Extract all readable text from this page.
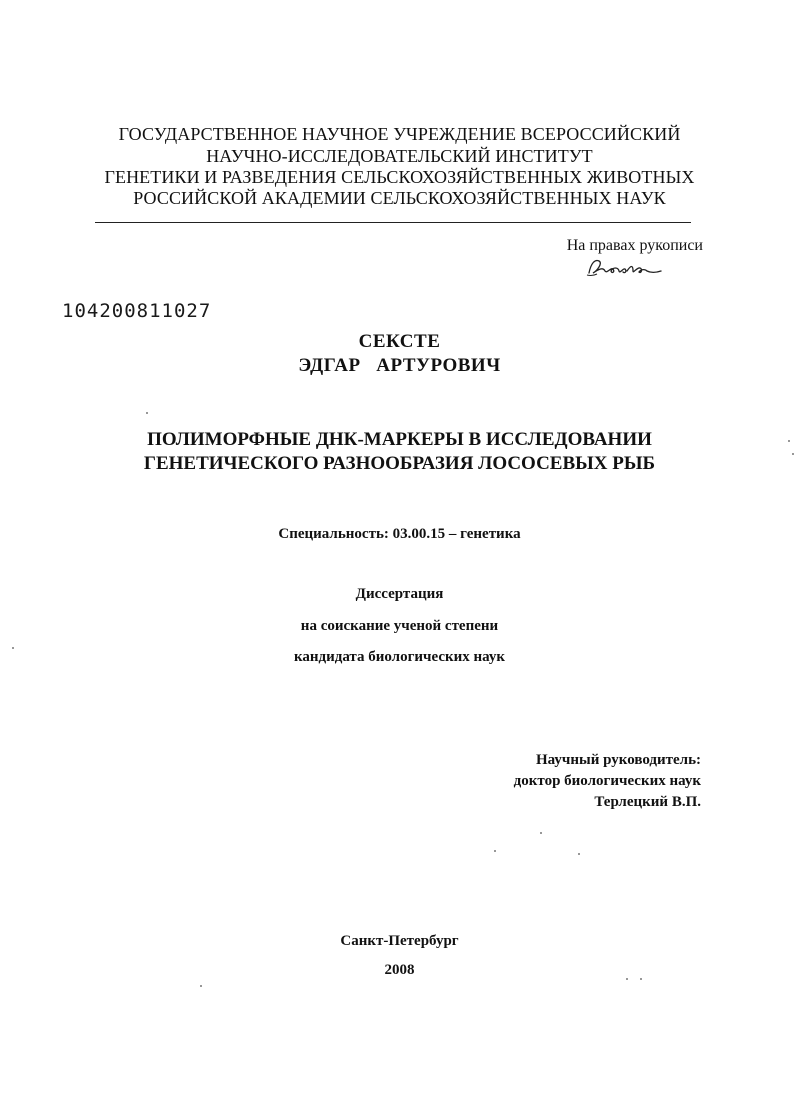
ГОСУДАРСТВЕННОЕ НАУЧНОЕ УЧРЕЖДЕНИЕ ВСЕРОССИЙСКИЙ
НАУЧНО-ИССЛЕДОВАТЕЛЬСКИЙ ИНСТИТУТ
ГЕНЕТИКИ И РАЗВЕДЕНИЯ СЕЛЬСКОХОЗЯЙСТВЕННЫХ ЖИВОТНЫХ
РОССИЙСКОЙ АКАДЕМИИ СЕЛЬСКОХОЗЯЙСТВЕННЫХ НАУК
На правах рукописи
104200811027
СЕКСТЕ
ЭДГАР   АРТУРОВИЧ
ПОЛИМОРФНЫЕ ДНК-МАРКЕРЫ В ИССЛЕДОВАНИИ
ГЕНЕТИЧЕСКОГО РАЗНООБРАЗИЯ ЛОСОСЕВЫХ РЫБ
Специальность: 03.00.15 – генетика
Диссертация
на соискание ученой степени
кандидата биологических наук
Научный руководитель:
доктор биологических наук
Терлецкий В.П.
Санкт-Петербург
2008
